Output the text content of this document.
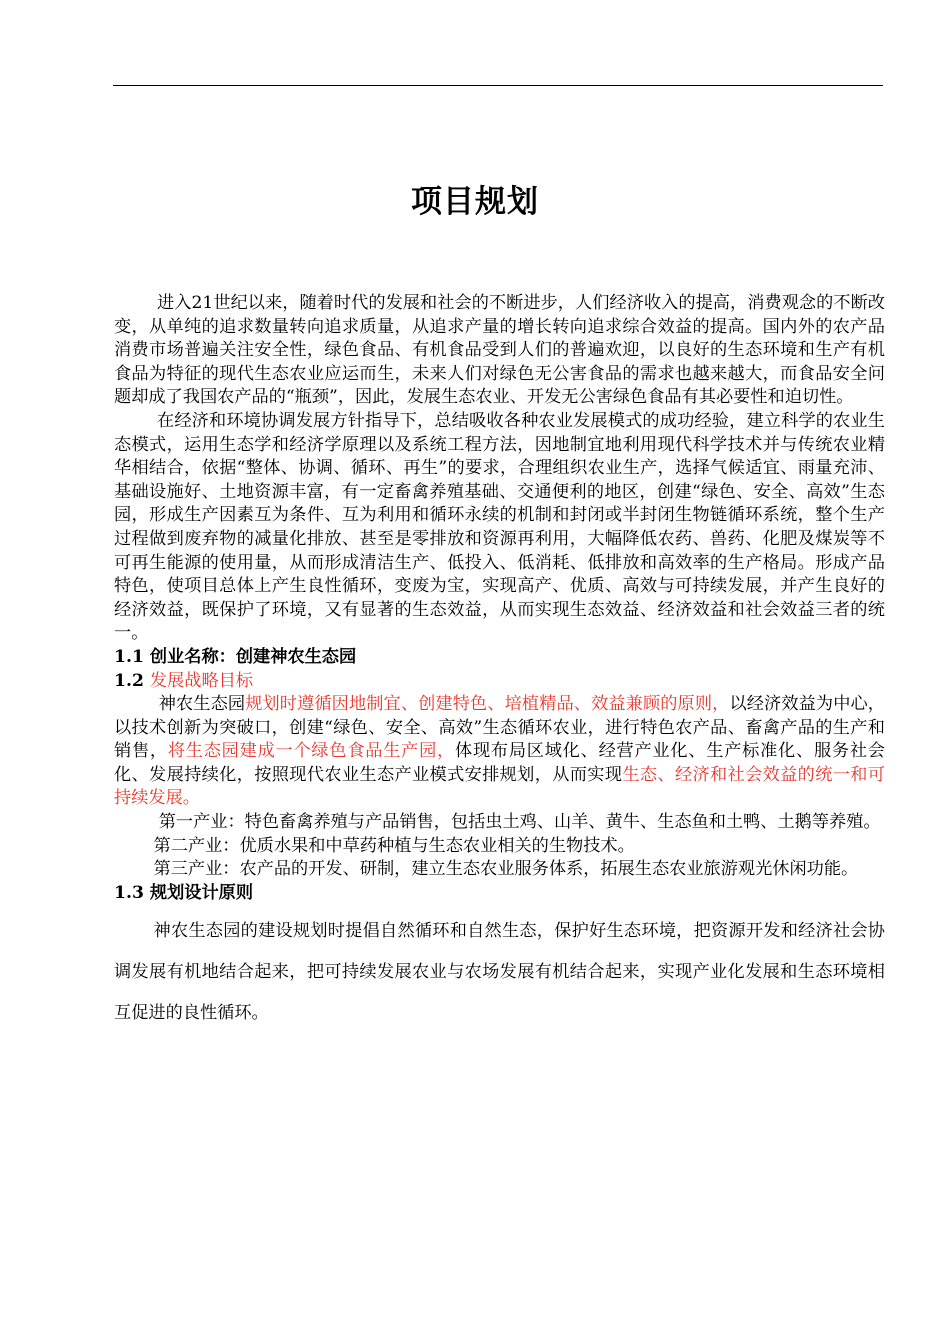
项目规划

进入21世纪以来，随着时代的发展和社会的不断进步，人们经济收入的提高，消费观念的不断改变，从单纯的追求数量转向追求质量，从追求产量的增长转向追求综合效益的提高。国内外的农产品消费市场普遍关注安全性，绿色食品、有机食品受到人们的普遍欢迎，以良好的生态环境和生产有机食品为特征的现代生态农业应运而生，未来人们对绿色无公害食品的需求也越来越大，而食品安全问题却成了我国农产品的“瓶颈”，因此，发展生态农业、开发无公害绿色食品有其必要性和迫切性。

在经济和环境协调发展方针指导下，总结吸收各种农业发展模式的成功经验，建立科学的农业生态模式，运用生态学和经济学原理以及系统工程方法，因地制宜地利用现代科学技术并与传统农业精华相结合，依据“整体、协调、循环、再生”的要求，合理组织农业生产，选择气候适宜、雨量充沛、基础设施好、土地资源丰富，有一定畜禽养殖基础、交通便利的地区，创建“绿色、安全、高效”生态园，形成生产因素互为条件、互为利用和循环永续的机制和封闭或半封闭生物链循环系统，整个生产过程做到废弃物的减量化排放、甚至是零排放和资源再利用，大幅降低农药、兽药、化肥及煤炭等不可再生能源的使用量，从而形成清洁生产、低投入、低消耗、低排放和高效率的生产格局。形成产品特色，使项目总体上产生良性循环，变废为宝，实现高产、优质、高效与可持续发展，并产生良好的经济效益，既保护了环境，又有显著的生态效益，从而实现生态效益、经济效益和社会效益三者的统一。

1.1 创业名称：创建神农生态园

1.2 发展战略目标

神农生态园规划时遵循因地制宜、创建特色、培植精品、效益兼顾的原则，以经济效益为中心，以技术创新为突破口，创建“绿色、安全、高效”生态循环农业，进行特色农产品、畜禽产品的生产和销售，将生态园建成一个绿色食品生产园，体现布局区域化、经营产业化、生产标准化、服务社会化、发展持续化，按照现代农业生态产业模式安排规划，从而实现生态、经济和社会效益的统一和可持续发展。

第一产业：特色畜禽养殖与产品销售，包括虫土鸡、山羊、黄牛、生态鱼和土鸭、土鹅等养殖。

第二产业：优质水果和中草药种植与生态农业相关的生物技术。

第三产业：农产品的开发、研制，建立生态农业服务体系，拓展生态农业旅游观光休闲功能。

1.3 规划设计原则

神农生态园的建设规划时提倡自然循环和自然生态，保护好生态环境，把资源开发和经济社会协调发展有机地结合起来，把可持续发展农业与农场发展有机结合起来，实现产业化发展和生态环境相互促进的良性循环。
